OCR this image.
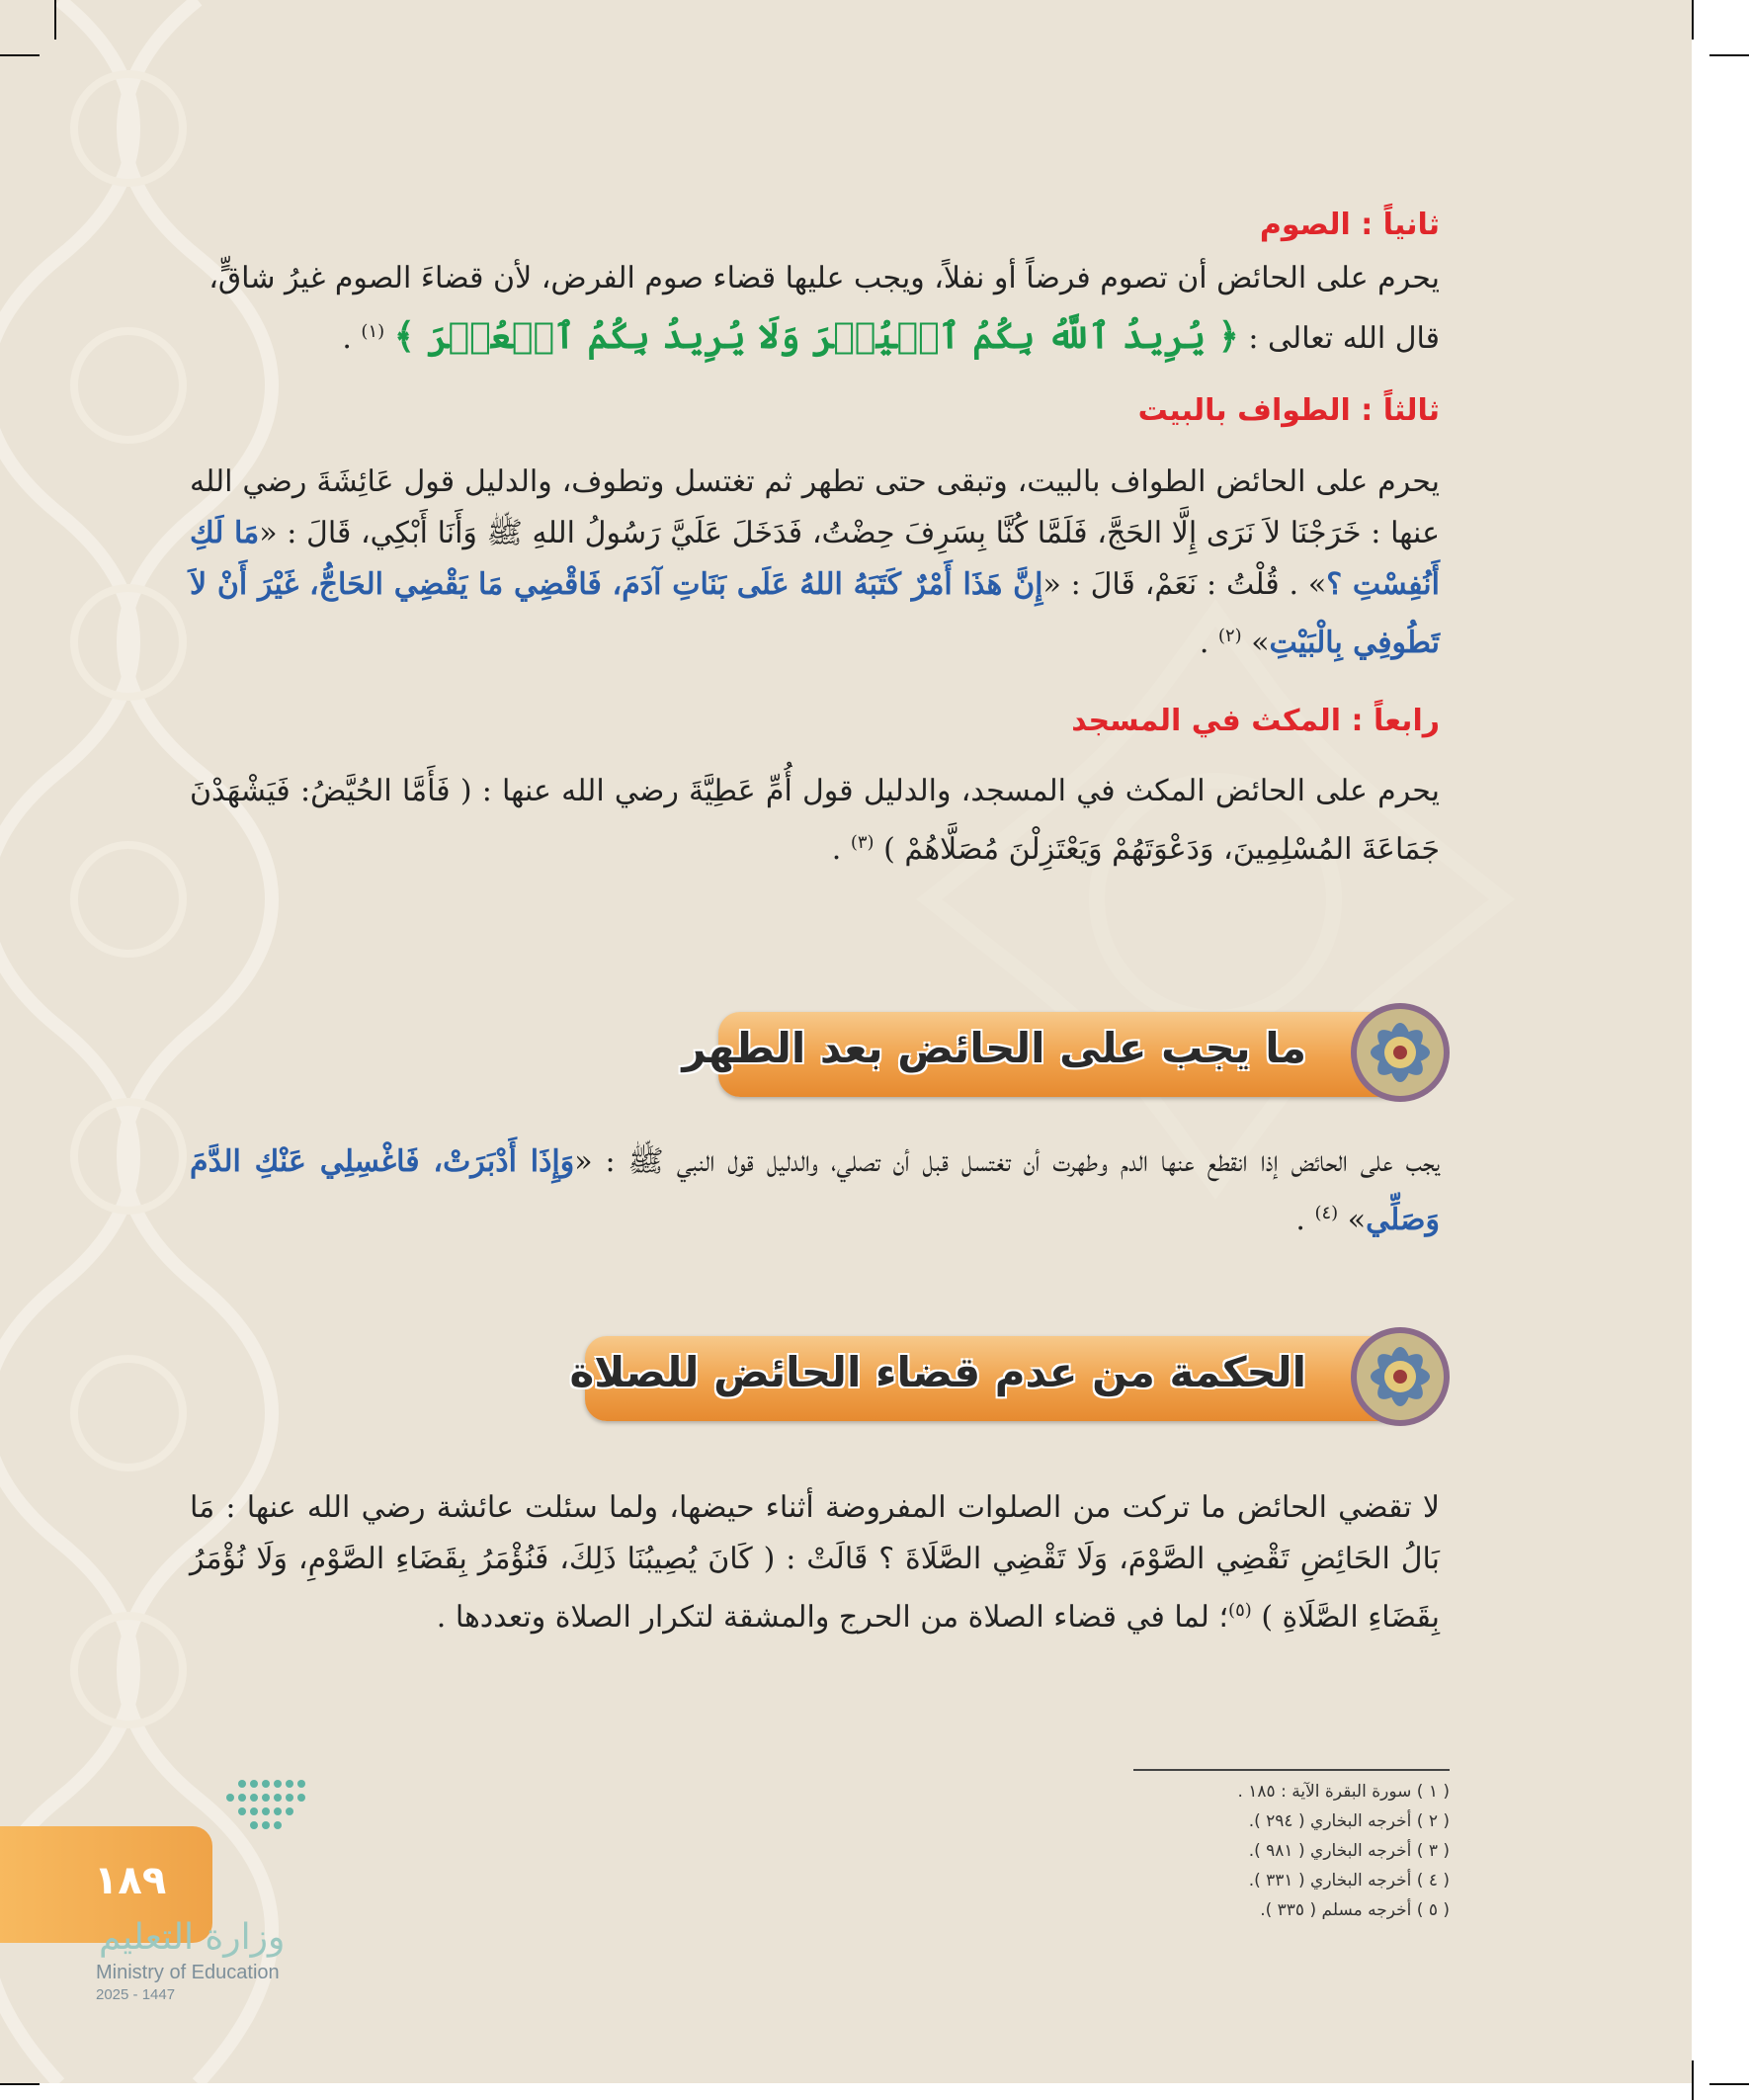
ثانياً : الصوم
يحرم على الحائض أن تصوم فرضاً أو نفلاً، ويجب عليها قضاء صوم الفرض، لأن قضاءَ الصوم غيرُ شاقٍّ،
قال الله تعالى : ﴿ يُرِيدُ ٱللَّهُ بِكُمُ ٱلۡيُسۡرَ وَلَا يُرِيدُ بِكُمُ ٱلۡعُسۡرَ ﴾ $^{(١)}$ .
ثالثاً : الطواف بالبيت
يحرم على الحائض الطواف بالبيت، وتبقى حتى تطهر ثم تغتسل وتطوف، والدليل قول عَائِشَةَ رضي الله عنها : خَرَجْنَا لاَ نَرَى إِلَّا الحَجَّ، فَلَمَّا كُنَّا بِسَرِفَ حِضْتُ، فَدَخَلَ عَلَيَّ رَسُولُ اللهِ ﷺ وَأَنَا أَبْكِي، قَالَ : «مَا لَكِ أَنُفِسْتِ ؟» . قُلْتُ : نَعَمْ، قَالَ : «إِنَّ هَذَا أَمْرٌ كَتَبَهُ اللهُ عَلَى بَنَاتِ آدَمَ، فَاقْضِي مَا يَقْضِي الحَاجُّ، غَيْرَ أَنْ لاَ تَطُوفِي بِالْبَيْتِ» $^{(٢)}$ .
رابعاً : المكث في المسجد
يحرم على الحائض المكث في المسجد، والدليل قول أُمِّ عَطِيَّةَ رضي الله عنها : ( فَأَمَّا الحُيَّضُ: فَيَشْهَدْنَ جَمَاعَةَ المُسْلِمِينَ، وَدَعْوَتَهُمْ وَيَعْتَزِلْنَ مُصَلَّاهُمْ ) $^{(٣)}$ .
ما يجب على الحائض بعد الطهر
يجب على الحائض إذا انقطع عنها الدم وطهرت أن تغتسل قبل أن تصلي، والدليل قول النبي ﷺ : «وَإِذَا أَدْبَرَتْ، فَاغْسِلِي عَنْكِ الدَّمَ وَصَلِّي» $^{(٤)}$ .
الحكمة من عدم قضاء الحائض للصلاة
لا تقضي الحائض ما تركت من الصلوات المفروضة أثناء حيضها، ولما سئلت عائشة رضي الله عنها : مَا بَالُ الحَائِضِ تَقْضِي الصَّوْمَ، وَلَا تَقْضِي الصَّلَاةَ ؟ قَالَتْ : ( كَانَ يُصِيبُنَا ذَلِكَ، فَنُؤْمَرُ بِقَضَاءِ الصَّوْمِ، وَلَا نُؤْمَرُ بِقَضَاءِ الصَّلَاةِ ) $^{(٥)}$؛ لما في قضاء الصلاة من الحرج والمشقة لتكرار الصلاة وتعددها .
( ١ ) سورة البقرة الآية : ١٨٥ .
( ٢ ) أخرجه البخاري ( ٢٩٤ ).
( ٣ ) أخرجه البخاري ( ٩٨١ ).
( ٤ ) أخرجه البخاري ( ٣٣١ ).
( ٥ ) أخرجه مسلم ( ٣٣٥ ).
١٨٩
وزارة التعليم
Ministry of Education
2025 - 1447
